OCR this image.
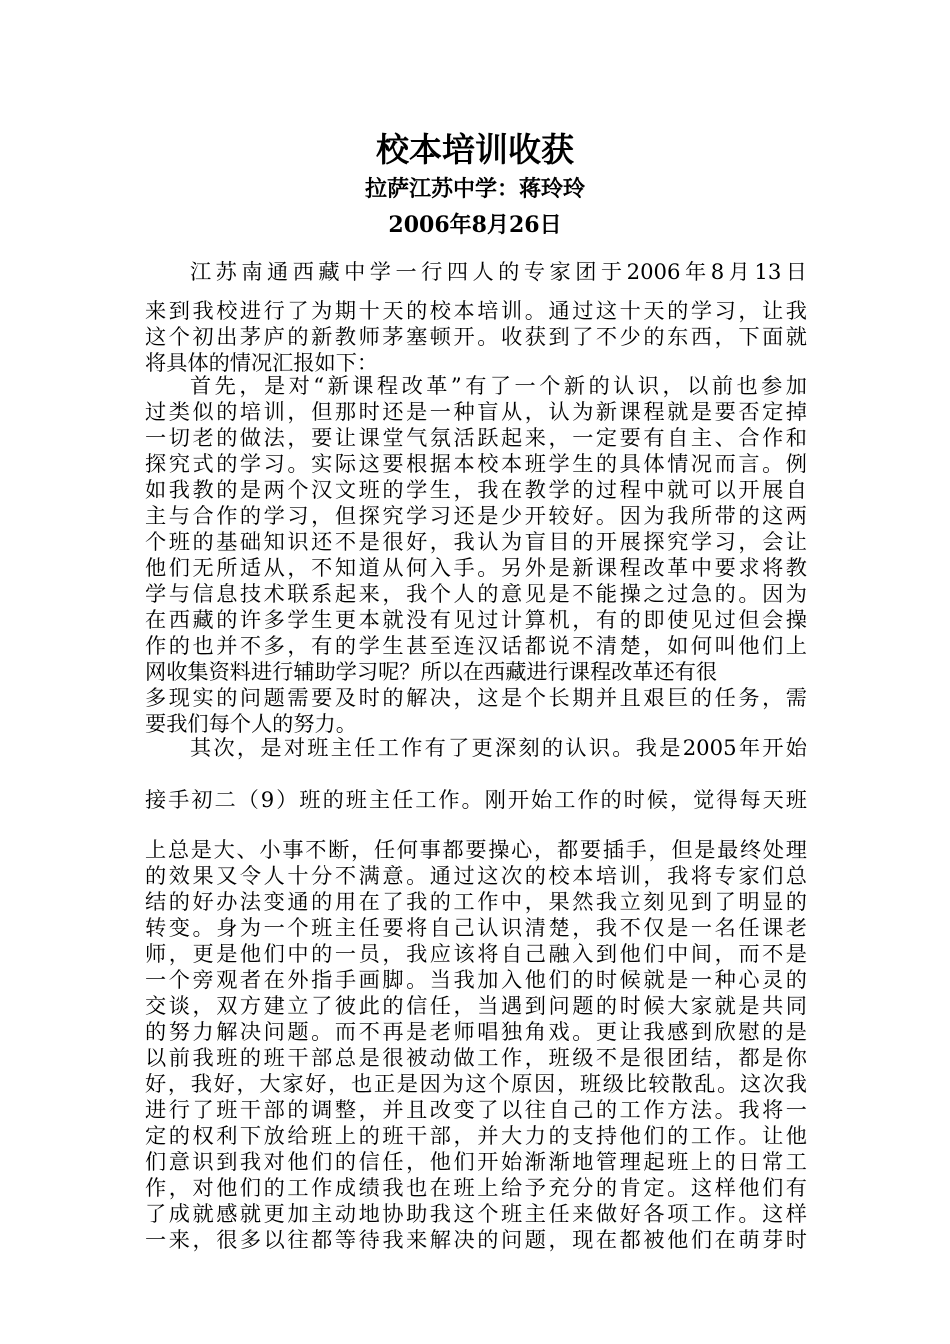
校本培训收获
拉萨江苏中学：蒋玲玲
2006年8月26日
江苏南通西藏中学一行四人的专家团于2006年8月13日
来到我校进行了为期十天的校本培训。通过这十天的学习，让我
这个初出茅庐的新教师茅塞顿开。收获到了不少的东西，下面就
将具体的情况汇报如下：
首先，是对“新课程改革”有了一个新的认识，以前也参加
过类似的培训，但那时还是一种盲从，认为新课程就是要否定掉
一切老的做法，要让课堂气氛活跃起来，一定要有自主、合作和
探究式的学习。实际这要根据本校本班学生的具体情况而言。例
如我教的是两个汉文班的学生，我在教学的过程中就可以开展自
主与合作的学习，但探究学习还是少开较好。因为我所带的这两
个班的基础知识还不是很好，我认为盲目的开展探究学习，会让
他们无所适从，不知道从何入手。另外是新课程改革中要求将教
学与信息技术联系起来，我个人的意见是不能操之过急的。因为
在西藏的许多学生更本就没有见过计算机，有的即使见过但会操
作的也并不多，有的学生甚至连汉话都说不清楚，如何叫他们上
网收集资料进行辅助学习呢？所以在西藏进行课程改革还有很
多现实的问题需要及时的解决，这是个长期并且艰巨的任务，需
要我们每个人的努力。
其次，是对班主任工作有了更深刻的认识。我是2005年开始
接手初二（9）班的班主任工作。刚开始工作的时候，觉得每天班
上总是大、小事不断，任何事都要操心，都要插手，但是最终处理
的效果又令人十分不满意。通过这次的校本培训，我将专家们总
结的好办法变通的用在了我的工作中，果然我立刻见到了明显的
转变。身为一个班主任要将自己认识清楚，我不仅是一名任课老
师，更是他们中的一员，我应该将自己融入到他们中间，而不是
一个旁观者在外指手画脚。当我加入他们的时候就是一种心灵的
交谈，双方建立了彼此的信任，当遇到问题的时候大家就是共同
的努力解决问题。而不再是老师唱独角戏。更让我感到欣慰的是
以前我班的班干部总是很被动做工作，班级不是很团结，都是你
好，我好，大家好，也正是因为这个原因，班级比较散乱。这次我
进行了班干部的调整，并且改变了以往自己的工作方法。我将一
定的权利下放给班上的班干部，并大力的支持他们的工作。让他
们意识到我对他们的信任，他们开始渐渐地管理起班上的日常工
作，对他们的工作成绩我也在班上给予充分的肯定。这样他们有
了成就感就更加主动地协助我这个班主任来做好各项工作。这样
一来，很多以往都等待我来解决的问题，现在都被他们在萌芽时
